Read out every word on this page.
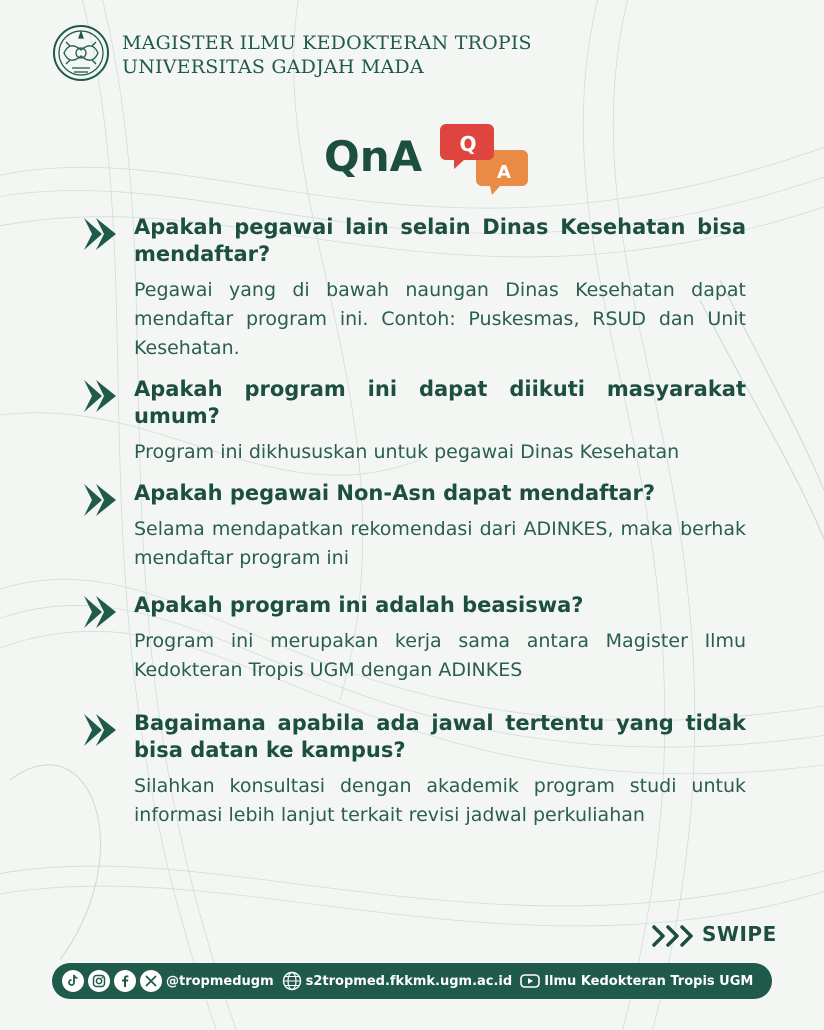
MAGISTER ILMU KEDOKTERAN TROPIS
UNIVERSITAS GADJAH MADA
QnA Q
A
Apakah pegawai lain selain Dinas Kesehatan bisa mendaftar?
Pegawai yang di bawah naungan Dinas Kesehatan dapat mendaftar program ini. Contoh: Puskesmas, RSUD dan Unit Kesehatan.
Apakah program ini dapat diikuti masyarakat umum?
Program ini dikhususkan untuk pegawai Dinas Kesehatan
Apakah pegawai Non-Asn dapat mendaftar?
Selama mendapatkan rekomendasi dari ADINKES, maka berhak mendaftar program ini
Apakah program ini adalah beasiswa?
Program ini merupakan kerja sama antara Magister Ilmu Kedokteran Tropis UGM dengan ADINKES
Bagaimana apabila ada jawal tertentu yang tidak bisa datan ke kampus?
Silahkan konsultasi dengan akademik program studi untuk informasi lebih lanjut terkait revisi jadwal perkuliahan
SWIPE
@tropmedugm s2tropmed.fkkmk.ugm.ac.id Ilmu Kedokteran Tropis UGM
